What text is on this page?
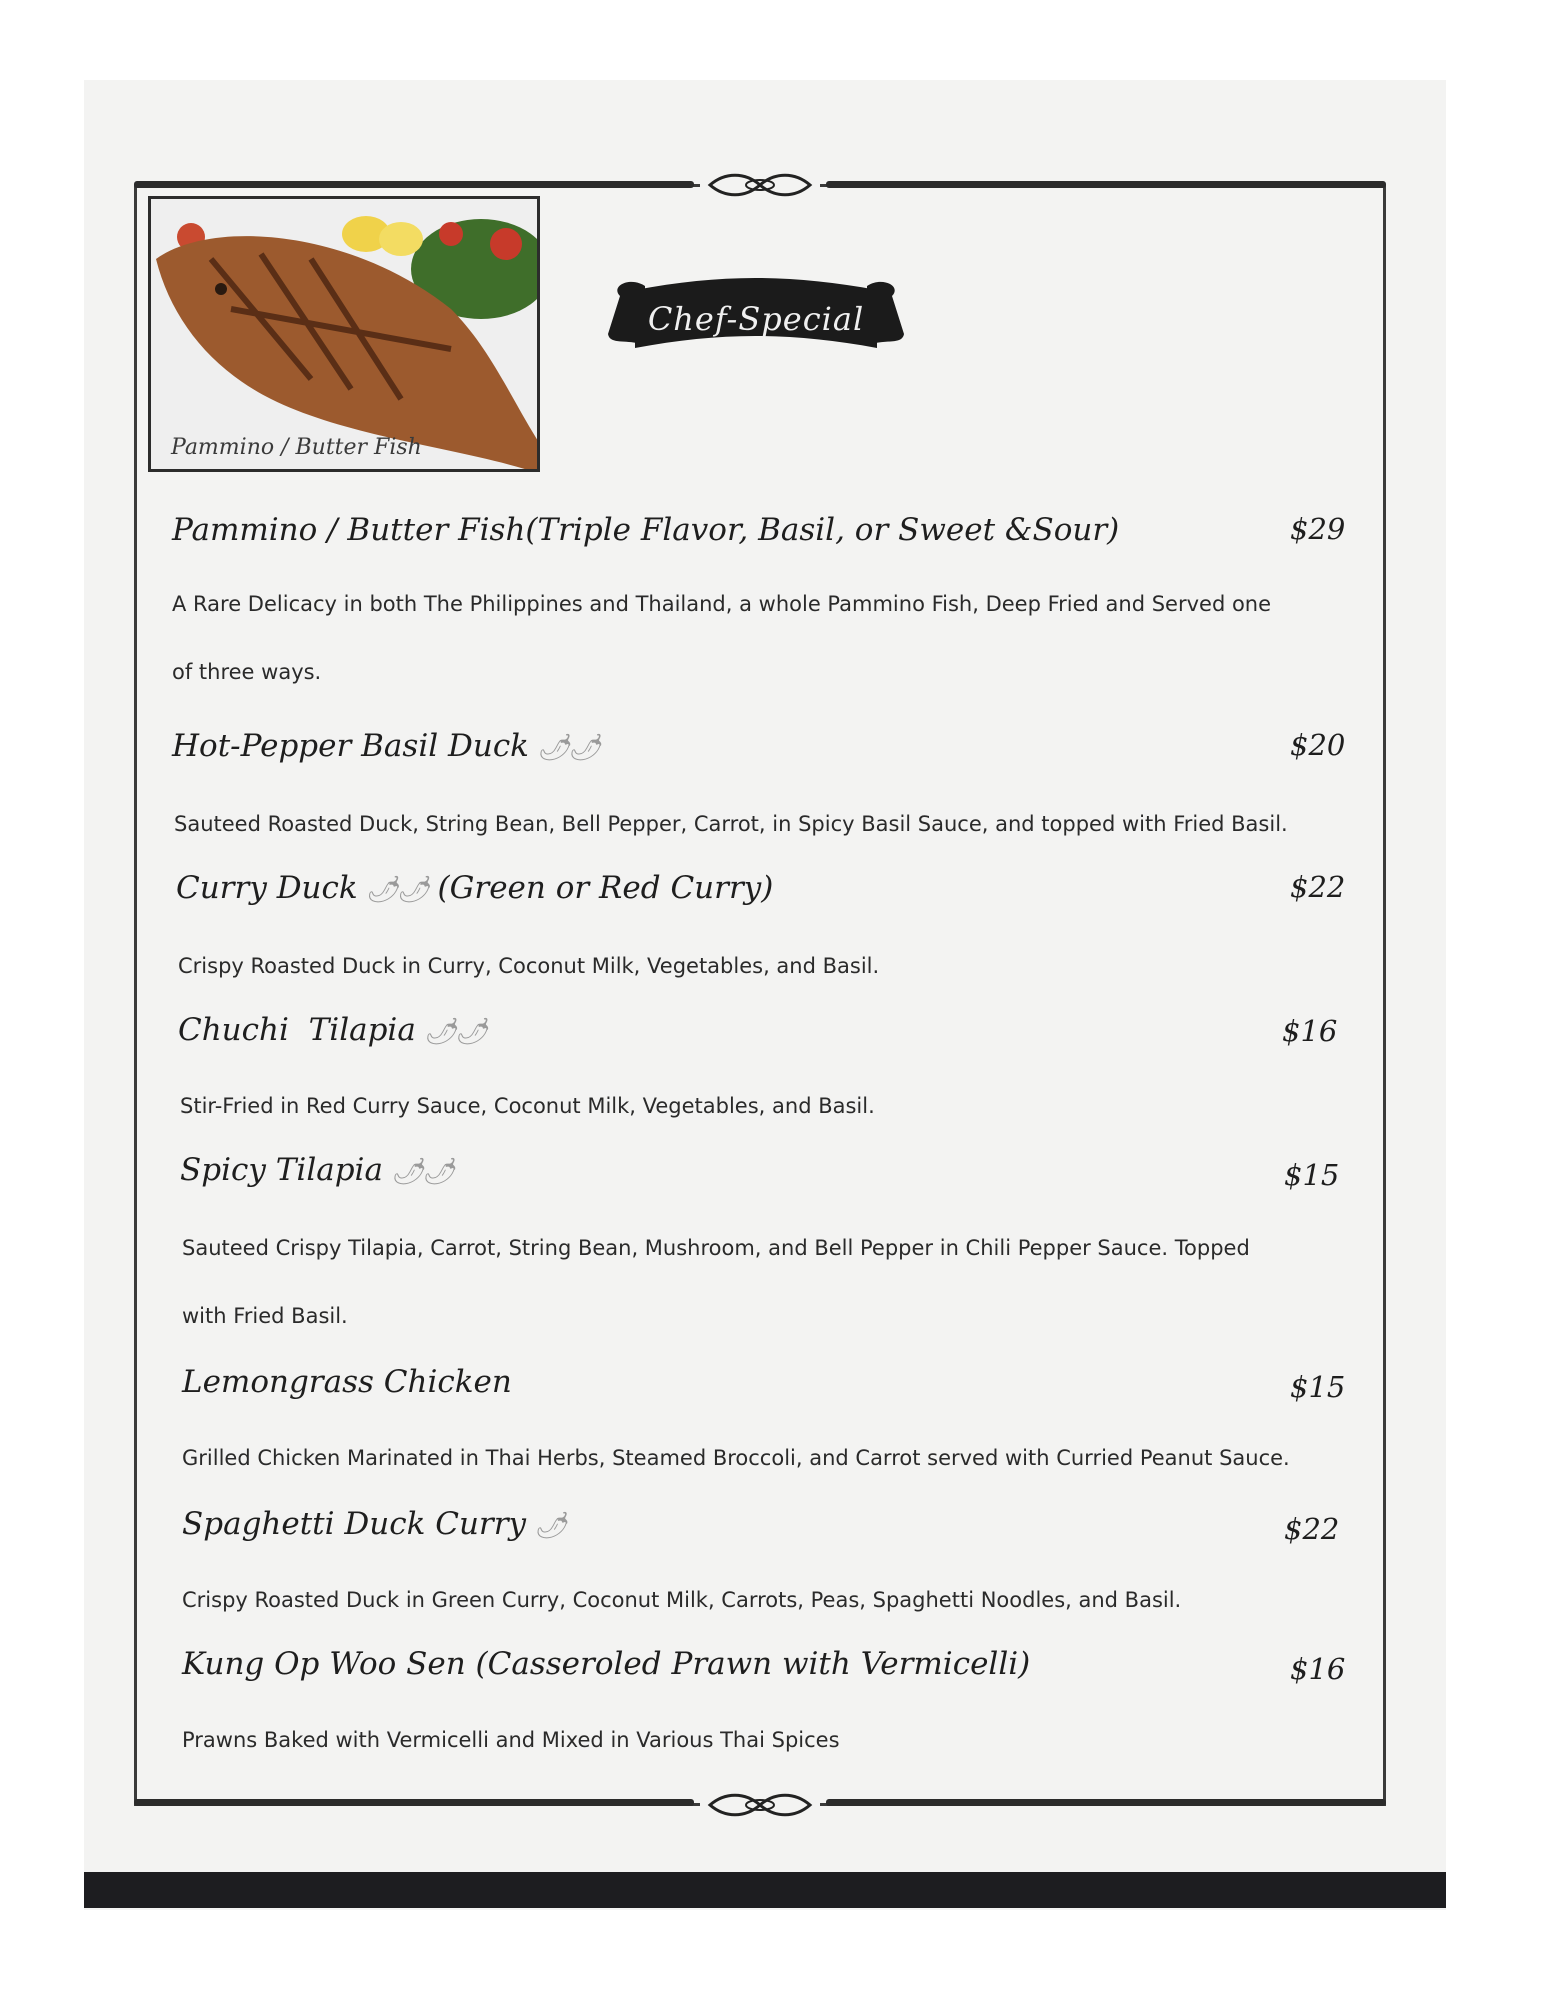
Pammino / Butter Fish
Chef-Special
Pammino / Butter Fish(Triple Flavor, Basil, or Sweet &Sour)	$29
A Rare Delicacy in both The Philippines and Thailand, a whole Pammino Fish, Deep Fried and Served one
of three ways.
Hot-Pepper Basil Duck 🌶🌶	$20
Sauteed Roasted Duck, String Bean, Bell Pepper, Carrot, in Spicy Basil Sauce, and topped with Fried Basil.
Curry Duck 🌶🌶 (Green or Red Curry)	$22
Crispy Roasted Duck in Curry, Coconut Milk, Vegetables, and Basil.
Chuchi  Tilapia 🌶🌶	$16
Stir-Fried in Red Curry Sauce, Coconut Milk, Vegetables, and Basil.
Spicy Tilapia 🌶🌶	$15
Sauteed Crispy Tilapia, Carrot, String Bean, Mushroom, and Bell Pepper in Chili Pepper Sauce. Topped
with Fried Basil.
Lemongrass Chicken	$15
Grilled Chicken Marinated in Thai Herbs, Steamed Broccoli, and Carrot served with Curried Peanut Sauce.
Spaghetti Duck Curry 🌶	$22
Crispy Roasted Duck in Green Curry, Coconut Milk, Carrots, Peas, Spaghetti Noodles, and Basil.
Kung Op Woo Sen (Casseroled Prawn with Vermicelli)	$16
Prawns Baked with Vermicelli and Mixed in Various Thai Spices
